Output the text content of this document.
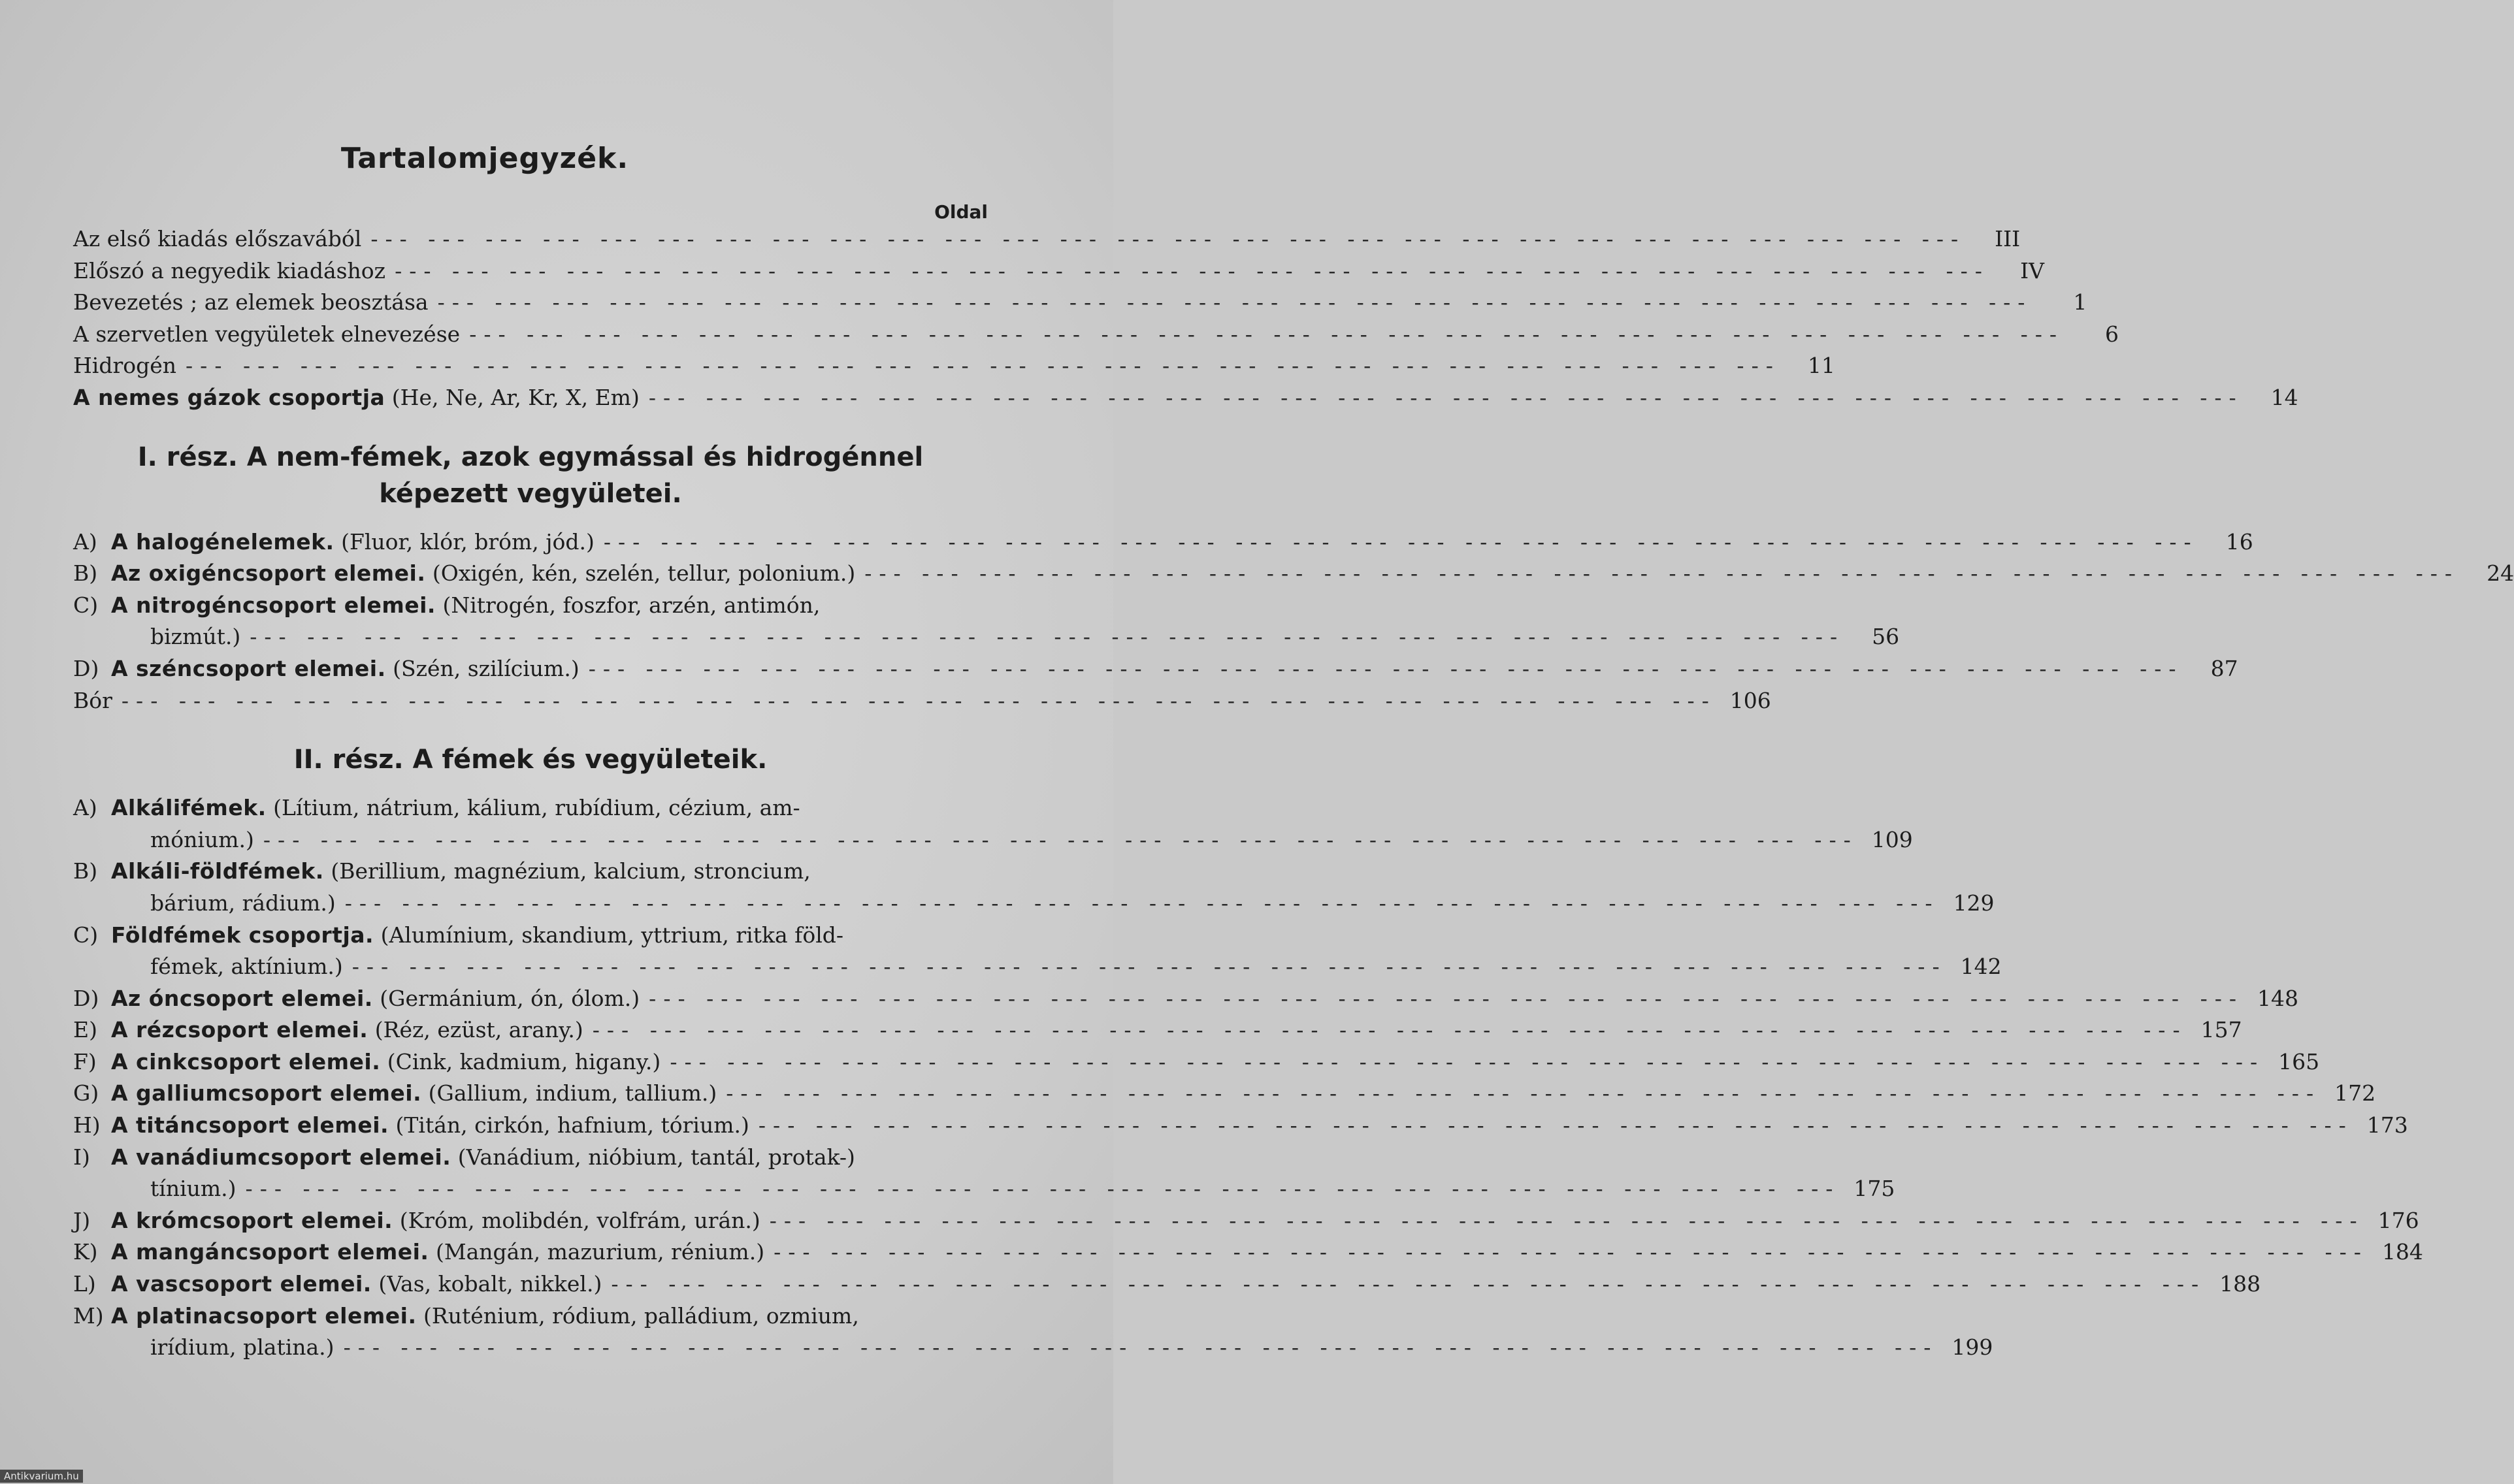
Tartalomjegyzék.
Oldal
Az első kiadás előszavából --- --- --- --- --- --- --- --- --- --- --- --- --- --- --- --- --- --- --- --- --- --- --- --- --- --- --- ---	III
Előszó a negyedik kiadáshoz --- --- --- --- --- --- --- --- --- --- --- --- --- --- --- --- --- --- --- --- --- --- --- --- --- --- --- ---	IV
Bevezetés ; az elemek beosztása --- --- --- --- --- --- --- --- --- --- --- --- --- --- --- --- --- --- --- --- --- --- --- --- --- --- --- ---	1
A szervetlen vegyületek elnevezése --- --- --- --- --- --- --- --- --- --- --- --- --- --- --- --- --- --- --- --- --- --- --- --- --- --- --- ---	6
Hidrogén --- --- --- --- --- --- --- --- --- --- --- --- --- --- --- --- --- --- --- --- --- --- --- --- --- --- --- ---	11
A nemes gázok csoportja (He, Ne, Ar, Kr, X, Em) --- --- --- --- --- --- --- --- --- --- --- --- --- --- --- --- --- --- --- --- --- --- --- --- --- --- --- ---	14
I. rész. A nem-fémek, azok egymással és hidrogénnel
képezett vegyületei.
A) A halogénelemek. (Fluor, klór, bróm, jód.) --- --- --- --- --- --- --- --- --- --- --- --- --- --- --- --- --- --- --- --- --- --- --- --- --- --- --- ---	16
B) Az oxigéncsoport elemei. (Oxigén, kén, szelén, tellur, polonium.) --- --- --- --- --- --- --- --- --- --- --- --- --- --- --- --- --- --- --- --- --- --- --- --- --- --- --- ---	24
C) A nitrogéncsoport elemei. (Nitrogén, foszfor, arzén, antimón,
bizmút.) --- --- --- --- --- --- --- --- --- --- --- --- --- --- --- --- --- --- --- --- --- --- --- --- --- --- --- ---	56
D) A széncsoport elemei. (Szén, szilícium.) --- --- --- --- --- --- --- --- --- --- --- --- --- --- --- --- --- --- --- --- --- --- --- --- --- --- --- ---	87
Bór --- --- --- --- --- --- --- --- --- --- --- --- --- --- --- --- --- --- --- --- --- --- --- --- --- --- --- --- 106
II. rész. A fémek és vegyületeik.
A) Alkálifémek. (Lítium, nátrium, kálium, rubídium, cézium, am-
mónium.) --- --- --- --- --- --- --- --- --- --- --- --- --- --- --- --- --- --- --- --- --- --- --- --- --- --- --- --- 109
B) Alkáli-földfémek. (Berillium, magnézium, kalcium, stroncium,
bárium, rádium.) --- --- --- --- --- --- --- --- --- --- --- --- --- --- --- --- --- --- --- --- --- --- --- --- --- --- --- --- 129
C) Földfémek csoportja. (Alumínium, skandium, yttrium, ritka föld-
fémek, aktínium.) --- --- --- --- --- --- --- --- --- --- --- --- --- --- --- --- --- --- --- --- --- --- --- --- --- --- --- --- 142
D) Az óncsoport elemei. (Germánium, ón, ólom.) --- --- --- --- --- --- --- --- --- --- --- --- --- --- --- --- --- --- --- --- --- --- --- --- --- --- --- --- 148
E) A rézcsoport elemei. (Réz, ezüst, arany.) --- --- --- --- --- --- --- --- --- --- --- --- --- --- --- --- --- --- --- --- --- --- --- --- --- --- --- --- 157
F) A cinkcsoport elemei. (Cink, kadmium, higany.) --- --- --- --- --- --- --- --- --- --- --- --- --- --- --- --- --- --- --- --- --- --- --- --- --- --- --- --- 165
G) A galliumcsoport elemei. (Gallium, indium, tallium.) --- --- --- --- --- --- --- --- --- --- --- --- --- --- --- --- --- --- --- --- --- --- --- --- --- --- --- --- 172
H) A titáncsoport elemei. (Titán, cirkón, hafnium, tórium.) --- --- --- --- --- --- --- --- --- --- --- --- --- --- --- --- --- --- --- --- --- --- --- --- --- --- --- --- 173
I) A vanádiumcsoport elemei. (Vanádium, nióbium, tantál, protak-)
tínium.) --- --- --- --- --- --- --- --- --- --- --- --- --- --- --- --- --- --- --- --- --- --- --- --- --- --- --- --- 175
J) A krómcsoport elemei. (Króm, molibdén, volfrám, urán.) --- --- --- --- --- --- --- --- --- --- --- --- --- --- --- --- --- --- --- --- --- --- --- --- --- --- --- --- 176
K) A mangáncsoport elemei. (Mangán, mazurium, rénium.) --- --- --- --- --- --- --- --- --- --- --- --- --- --- --- --- --- --- --- --- --- --- --- --- --- --- --- --- 184
L) A vascsoport elemei. (Vas, kobalt, nikkel.) --- --- --- --- --- --- --- --- --- --- --- --- --- --- --- --- --- --- --- --- --- --- --- --- --- --- --- --- 188
M) A platinacsoport elemei. (Ruténium, ródium, palládium, ozmium,
irídium, platina.) --- --- --- --- --- --- --- --- --- --- --- --- --- --- --- --- --- --- --- --- --- --- --- --- --- --- --- --- 199
Antikvarium.hu
